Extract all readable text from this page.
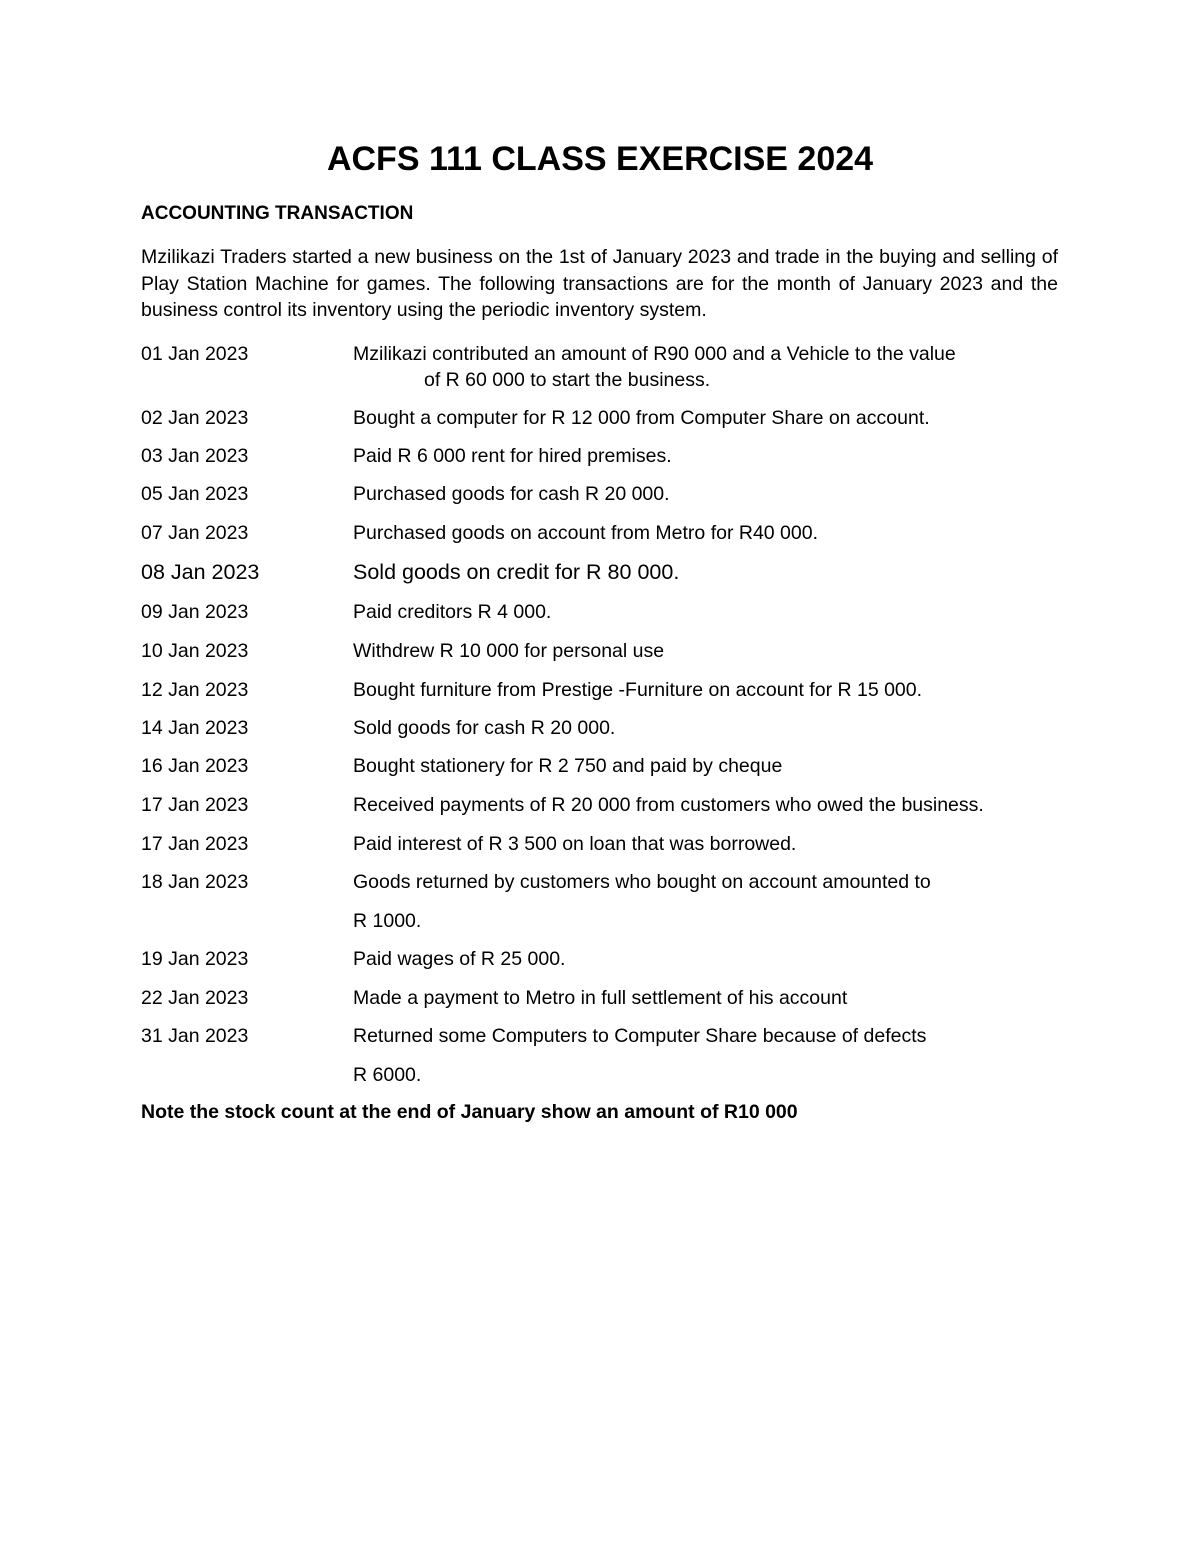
ACFS 111 CLASS EXERCISE 2024
ACCOUNTING TRANSACTION
Mzilikazi Traders started a new business on the 1st of January 2023 and trade in the buying and selling of Play Station Machine for games. The following transactions are for the month of January 2023 and the business control its inventory using the periodic inventory system.
01 Jan 2023	Mzilikazi contributed an amount of R90 000 and a Vehicle to the value
of R 60 000 to start the business.
02 Jan 2023	Bought a computer for R 12 000 from Computer Share on account.
03 Jan 2023	Paid R 6 000 rent for hired premises.
05 Jan 2023	Purchased goods for cash R 20 000.
07 Jan 2023	Purchased goods on account from Metro for R40 000.
08 Jan 2023	Sold goods on credit for R 80 000.
09 Jan 2023	Paid creditors R 4 000.
10 Jan 2023	Withdrew R 10 000 for personal use
12 Jan 2023	Bought furniture from Prestige -Furniture on account for R 15 000.
14 Jan 2023	Sold goods for cash R 20 000.
16 Jan 2023	Bought stationery for R 2 750 and paid by cheque
17 Jan 2023	Received payments of R 20 000 from customers who owed the business.
17 Jan 2023	Paid interest of R 3 500 on loan that was borrowed.
18 Jan 2023	Goods returned by customers who bought on account amounted to
R 1000.
19 Jan 2023	Paid wages of R 25 000.
22 Jan 2023	Made a payment to Metro in full settlement of his account
31 Jan 2023	Returned some Computers to Computer Share because of defects
R 6000.
Note the stock count at the end of January show an amount of R10 000
